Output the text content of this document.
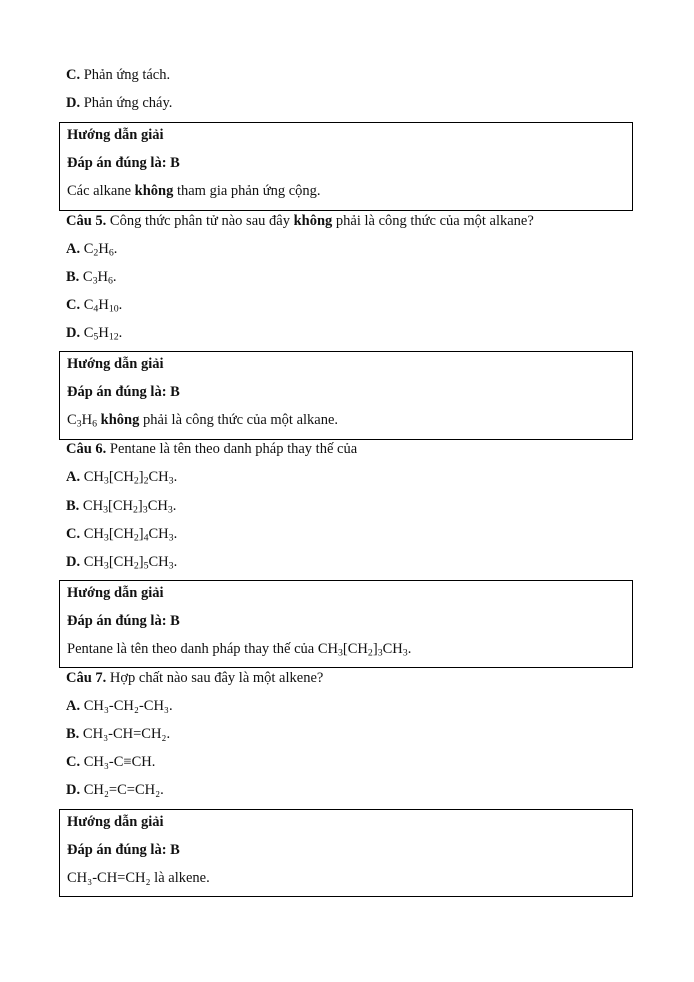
C. Phản ứng tách.
D. Phản ứng cháy.
Hướng dẫn giải
Đáp án đúng là: B
Các alkane không tham gia phản ứng cộng.
Câu 5. Công thức phân tử nào sau đây không phải là công thức của một alkane?
A. $C_2H_6$.
B. $C_3H_6$.
C. $C_4H_{10}$.
D. $C_5H_{12}$.
Hướng dẫn giải
Đáp án đúng là: B
$C_3H_6$ không phải là công thức của một alkane.
Câu 6. Pentane là tên theo danh pháp thay thế của
A. $CH_3[CH_2]_2CH_3$.
B. $CH_3[CH_2]_3CH_3$.
C. $CH_3[CH_2]_4CH_3$.
D. $CH_3[CH_2]_5CH_3$.
Hướng dẫn giải
Đáp án đúng là: B
Pentane là tên theo danh pháp thay thế của $CH_3[CH_2]_3CH_3$.
Câu 7. Hợp chất nào sau đây là một alkene?
A. CH₃-CH₂-CH₃.
B. CH₃-CH=CH₂.
C. CH₃-C≡CH.
D. CH₂=C=CH₂.
Hướng dẫn giải
Đáp án đúng là: B
CH₃-CH=CH₂ là alkene.
